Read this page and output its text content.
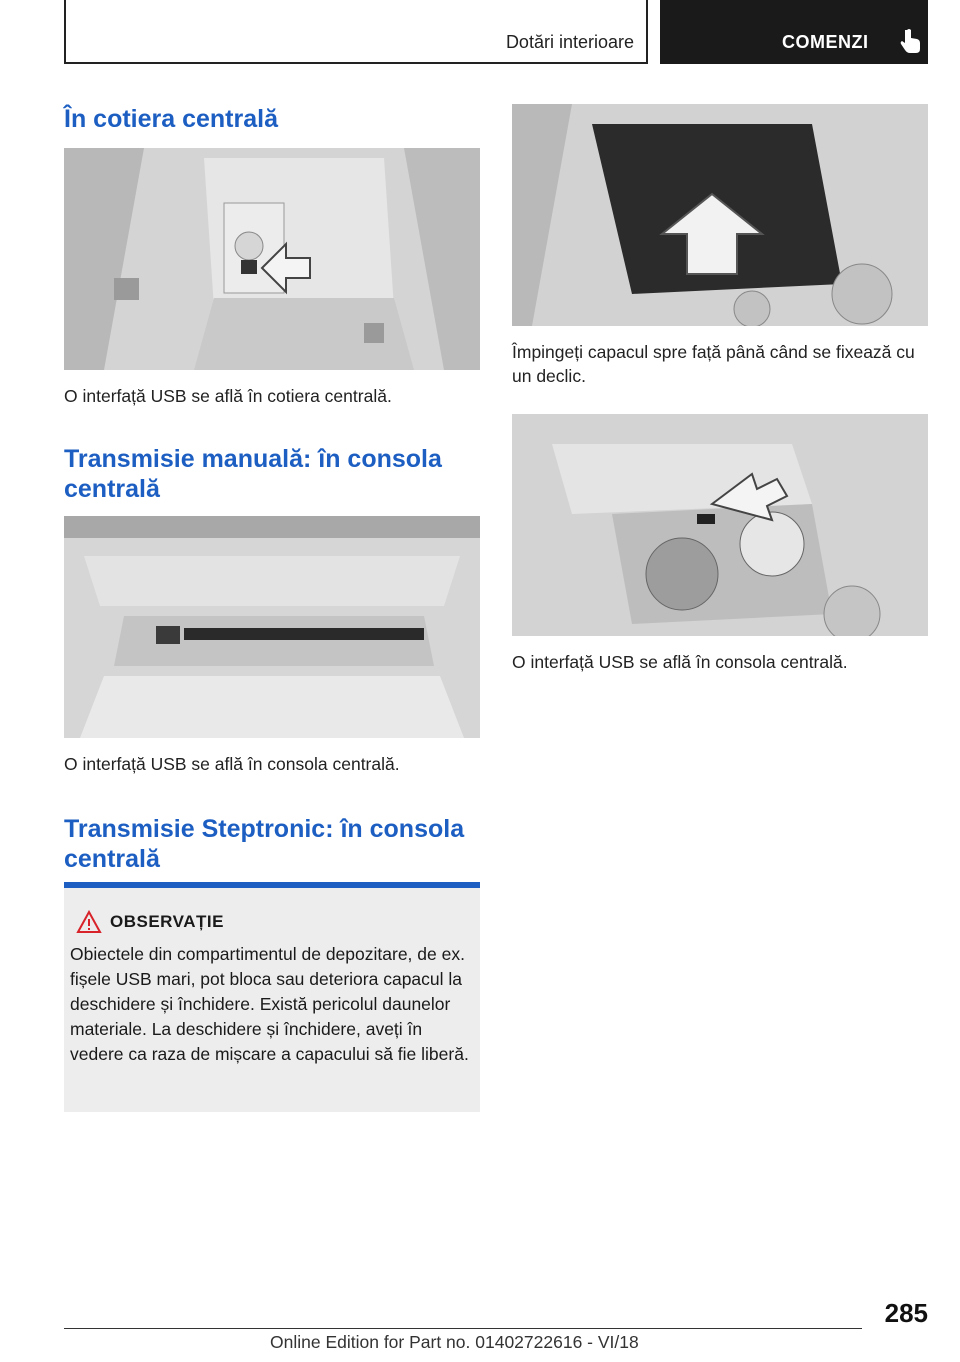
Dotări interioare	COMENZI
În cotiera centrală

O interfață USB se află în cotiera centrală.

Transmisie manuală: în consola centrală

O interfață USB se află în consola centrală.

Transmisie Steptronic: în consola centrală
OBSERVAȚIE

Obiectele din compartimentul de depozitare, de ex. fișele USB mari, pot bloca sau deteriora capacul la deschidere și închidere. Există pericolul daunelor materiale. La deschidere și închidere, aveți în vedere ca raza de mișcare a capacului să fie liberă.

Împingeți capacul spre față până când se fixează cu un declic.

O interfață USB se află în consola centrală.

285
Online Edition for Part no. 01402722616 - VI/18
